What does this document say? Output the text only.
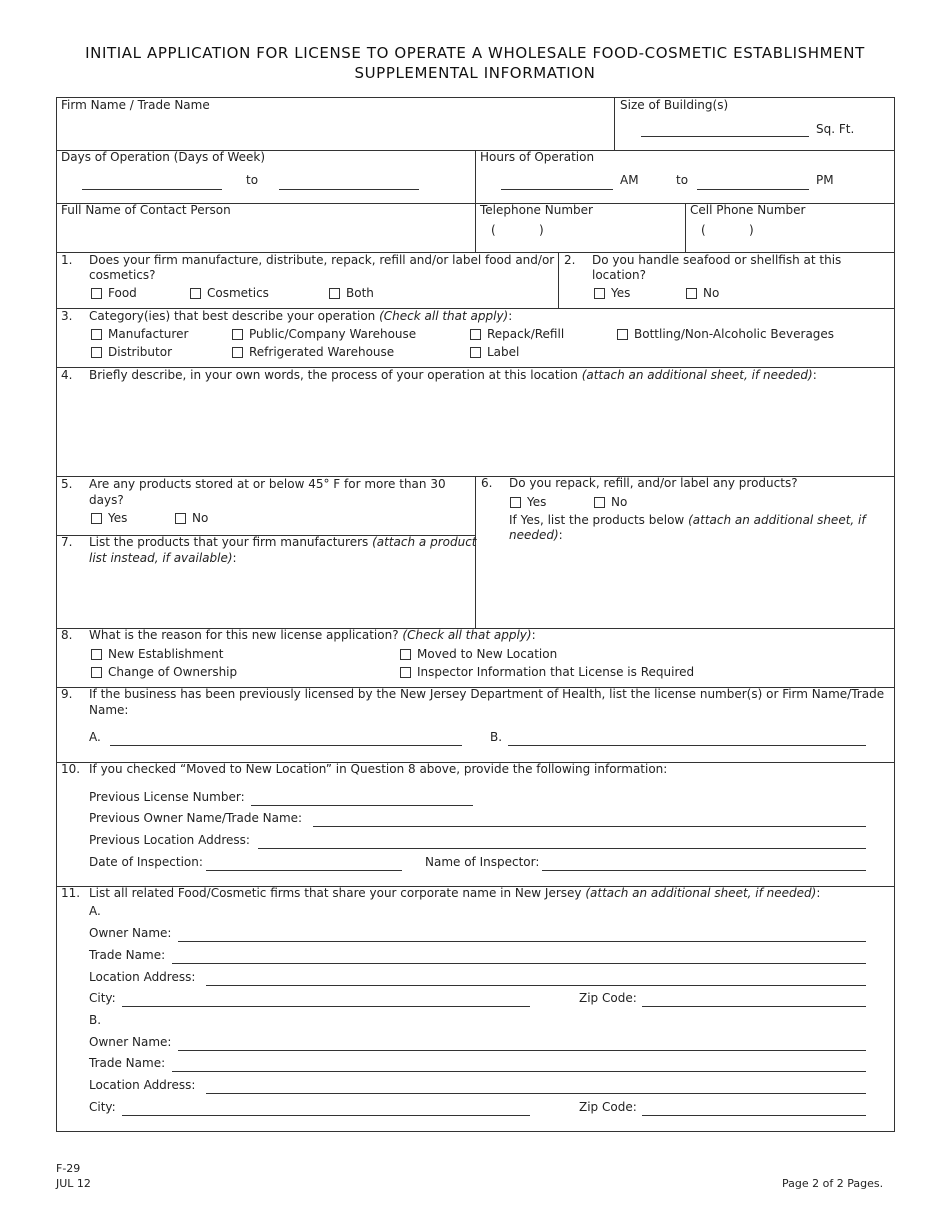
INITIAL APPLICATION FOR LICENSE TO OPERATE A WHOLESALE FOOD-COSMETIC ESTABLISHMENT
SUPPLEMENTAL INFORMATION
Firm Name / Trade Name	Size of Building(s)
Sq. Ft.
Days of Operation (Days of Week)
to
Hours of Operation
AM	to	PM
Full Name of Contact Person	Telephone Number
(	)
Cell Phone Number
(	)
1. Does your firm manufacture, distribute, repack, refill and/or label food and/or
cosmetics?
Food	Cosmetics	Both
2. Do you handle seafood or shellfish at this
location?
Yes	No
3. Category(ies) that best describe your operation (Check all that apply):
Manufacturer	Public/Company Warehouse	Repack/Refill	Bottling/Non-Alcoholic Beverages
Distributor	Refrigerated Warehouse	Label
4. Briefly describe, in your own words, the process of your operation at this location (attach an additional sheet, if needed):
5. Are any products stored at or below 45° F for more than 30
days?
Yes	No
7. List the products that your firm manufacturers (attach a product
list instead, if available):
6. Do you repack, refill, and/or label any products?
Yes	No
If Yes, list the products below (attach an additional sheet, if
needed):
8. What is the reason for this new license application? (Check all that apply):
New Establishment	Moved to New Location
Change of Ownership	Inspector Information that License is Required
9. If the business has been previously licensed by the New Jersey Department of Health, list the license number(s) or Firm Name/Trade
Name:
A.	B.
10. If you checked “Moved to New Location” in Question 8 above, provide the following information:
Previous License Number:
Previous Owner Name/Trade Name:
Previous Location Address:
Date of Inspection:	Name of Inspector:
11. List all related Food/Cosmetic firms that share your corporate name in New Jersey (attach an additional sheet, if needed):
A.
Owner Name:
Trade Name:
Location Address:
City:	Zip Code:
B.
Owner Name:
Trade Name:
Location Address:
City:	Zip Code:
F-29
JUL 12	Page 2 of 2 Pages.
